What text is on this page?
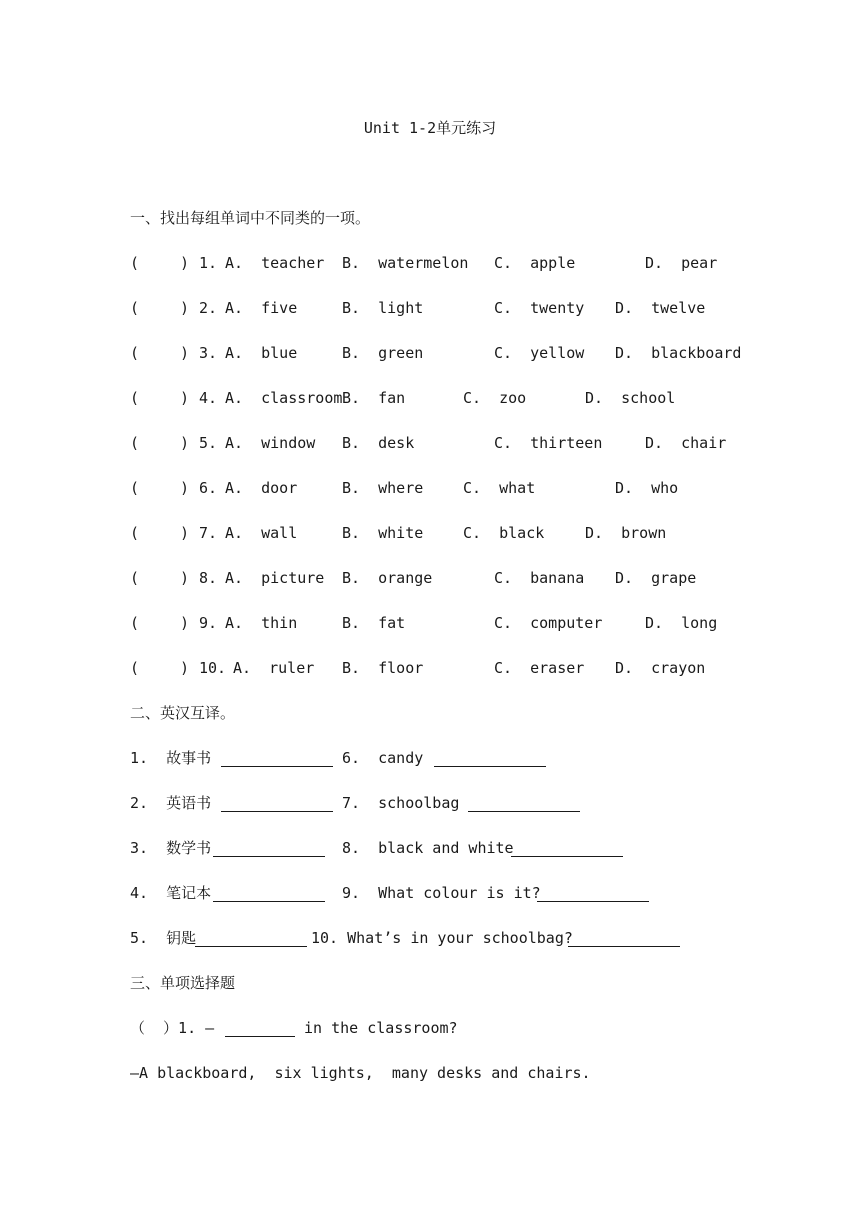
Unit 1-2单元练习
一、找出每组单词中不同类的一项。
(	) 1. A.  teacher B.  watermelon C.  apple	D.  pear
(	) 2. A.  five	B.  light	C.  twenty D.  twelve
(	) 3. A.  blue	B.  green	C.  yellow D.  blackboard
(	) 4. A.  classroom B.  fan	C.  zoo	D.  school
(	) 5. A.  window B.  desk	C.  thirteen	D.  chair
(	) 6. A.  door	B.  where	C.  what	D.  who
(	) 7. A.  wall	B.  white	C.  black	D.  brown
(	) 8. A.  picture B.  orange	C.  banana D.  grape
(	) 9. A.  thin	B.  fat	C.  computer	D.  long
(	) 10. A.  ruler B.  floor	C.  eraser D.  crayon
二、英汉互译。
1.  故事书	6.  candy
2.  英语书	7.  schoolbag
3.  数学书	8.  black and white
4.  笔记本	9.  What colour is it?
5.  钥匙	10. What’s in your schoolbag?
三、单项选择题
（  ）1. —	in the classroom?
—A blackboard,  six lights,  many desks and chairs.
